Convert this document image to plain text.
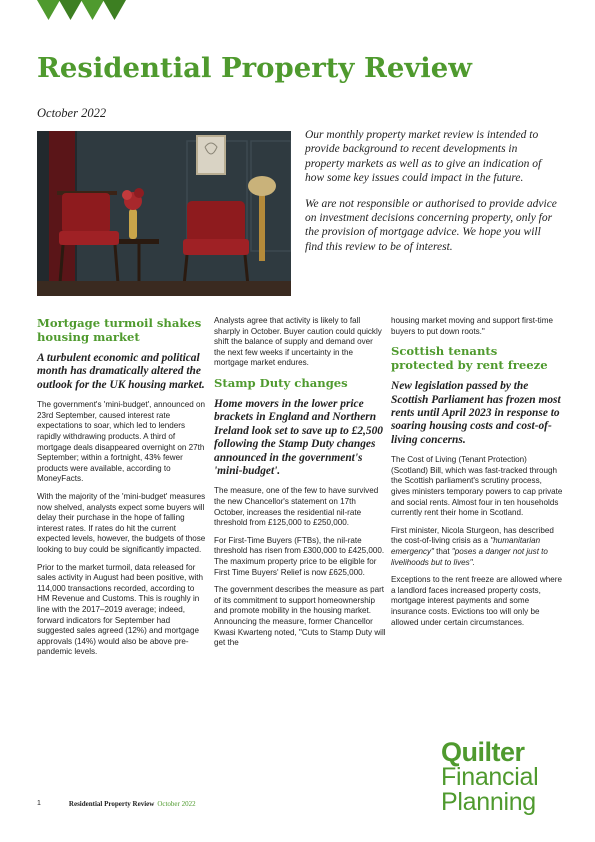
Residential Property Review
October 2022

Our monthly property market review is intended to provide background to recent developments in property markets as well as to give an indication of how some key issues could impact in the future.

We are not responsible or authorised to provide advice on investment decisions concerning property, only for the provision of mortgage advice. We hope you will find this review to be of interest.

Mortgage turmoil shakes housing market
A turbulent economic and political month has dramatically altered the outlook for the UK housing market.

The government's 'mini-budget', announced on 23rd September, caused interest rate expectations to soar, which led to lenders rapidly withdrawing products. A third of mortgage deals disappeared overnight on 27th September; within a fortnight, 43% fewer products were available, according to MoneyFacts.

With the majority of the 'mini-budget' measures now shelved, analysts expect some buyers will delay their purchase in the hope of falling interest rates. If rates do hit the current expected levels, however, the budgets of those looking to buy could be significantly impacted.

Prior to the market turmoil, data released for sales activity in August had been positive, with 114,000 transactions recorded, according to HM Revenue and Customs. This is roughly in line with the 2017–2019 average; indeed, forward indicators for September had suggested sales agreed (12%) and mortgage approvals (14%) would also be above pre-pandemic levels.

Analysts agree that activity is likely to fall sharply in October. Buyer caution could quickly shift the balance of supply and demand over the next few weeks if uncertainty in the mortgage market endures.

Stamp Duty changes
Home movers in the lower price brackets in England and Northern Ireland look set to save up to £2,500 following the Stamp Duty changes announced in the government's 'mini-budget'.

The measure, one of the few to have survived the new Chancellor's statement on 17th October, increases the residential nil-rate threshold from £125,000 to £250,000.

For First-Time Buyers (FTBs), the nil-rate threshold has risen from £300,000 to £425,000. The maximum property price to be eligible for First Time Buyers' Relief is now £625,000.

The government describes the measure as part of its commitment to support homeownership and promote mobility in the housing market. Announcing the measure, former Chancellor Kwasi Kwarteng noted, "Cuts to Stamp Duty will get the

housing market moving and support first-time buyers to put down roots."

Scottish tenants protected by rent freeze
New legislation passed by the Scottish Parliament has frozen most rents until April 2023 in response to soaring housing costs and cost-of-living concerns.

The Cost of Living (Tenant Protection) (Scotland) Bill, which was fast-tracked through the Scottish parliament's scrutiny process, gives ministers temporary powers to cap private and social rents. Almost four in ten households currently rent their home in Scotland.

First minister, Nicola Sturgeon, has described the cost-of-living crisis as a "humanitarian emergency" that "poses a danger not just to livelihoods but to lives".

Exceptions to the rent freeze are allowed where a landlord faces increased property costs, mortgage interest payments and some insurance costs. Evictions too will only be allowed under certain circumstances.

Quilter
Financial
Planning
1	Residential Property Review October 2022
